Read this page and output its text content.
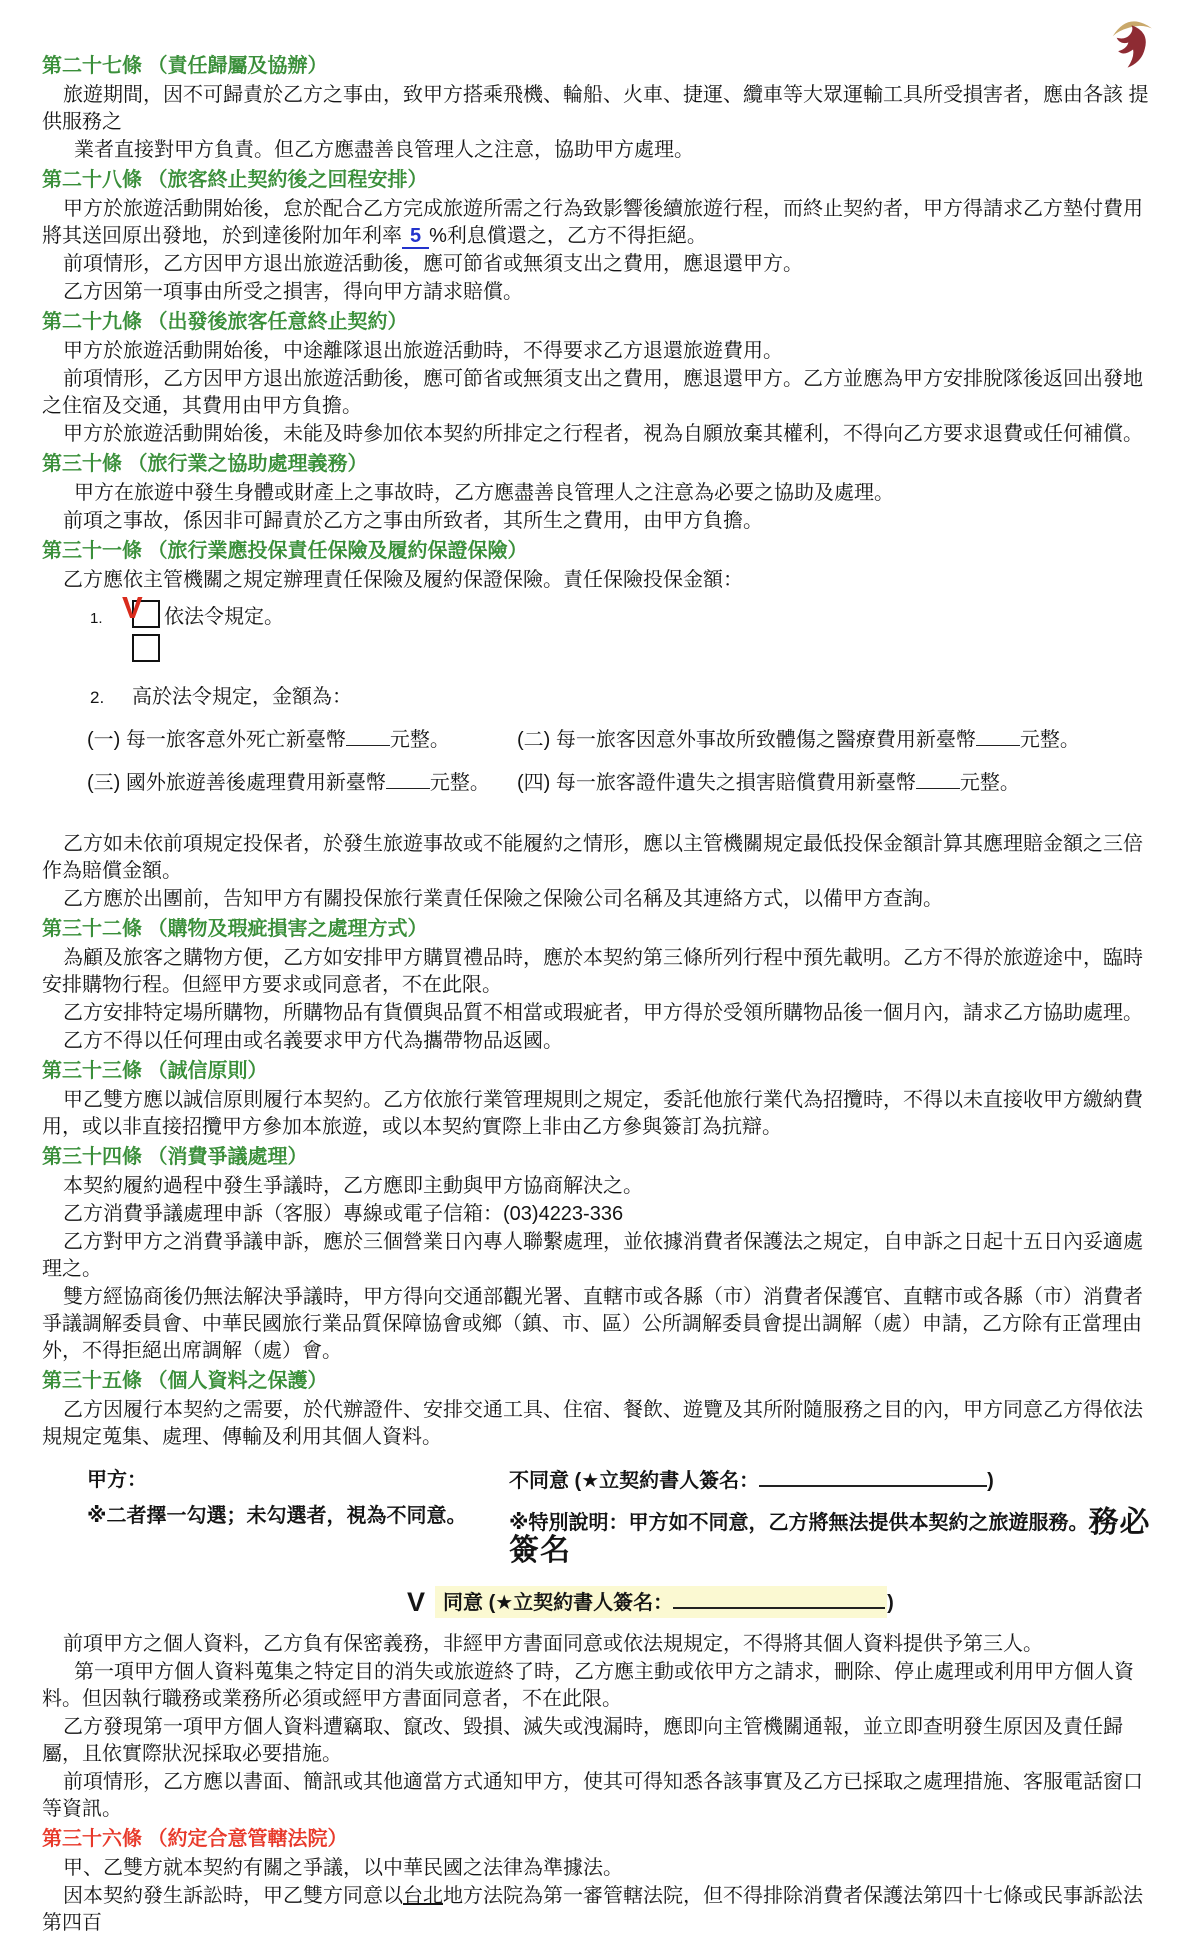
第二十七條 （責任歸屬及協辦）

旅遊期間，因不可歸責於乙方之事由，致甲方搭乘飛機、輪船、火車、捷運、纜車等大眾運輸工具所受損害者，應由各該 提供服務之

業者直接對甲方負責。但乙方應盡善良管理人之注意，協助甲方處理。

第二十八條 （旅客終止契約後之回程安排）

甲方於旅遊活動開始後，怠於配合乙方完成旅遊所需之行為致影響後續旅遊行程，而終止契約者，甲方得請求乙方墊付費用將其送回原出發地，於到達後附加年利率 5 %利息償還之，乙方不得拒絕。

前項情形，乙方因甲方退出旅遊活動後，應可節省或無須支出之費用，應退還甲方。

乙方因第一項事由所受之損害，得向甲方請求賠償。

第二十九條 （出發後旅客任意終止契約）

甲方於旅遊活動開始後，中途離隊退出旅遊活動時，不得要求乙方退還旅遊費用。

前項情形，乙方因甲方退出旅遊活動後，應可節省或無須支出之費用，應退還甲方。乙方並應為甲方安排脫隊後返回出發地之住宿及交通，其費用由甲方負擔。

甲方於旅遊活動開始後，未能及時參加依本契約所排定之行程者，視為自願放棄其權利，不得向乙方要求退費或任何補償。

第三十條 （旅行業之協助處理義務）

甲方在旅遊中發生身體或財產上之事故時，乙方應盡善良管理人之注意為必要之協助及處理。

前項之事故，係因非可歸責於乙方之事由所致者，其所生之費用，由甲方負擔。

第三十一條 （旅行業應投保責任保險及履約保證保險）

乙方應依主管機關之規定辦理責任保險及履約保證保險。責任保險投保金額：

1. V 依法令規定。
2. 高於法令規定，金額為：
(一) 每一旅客意外死亡新臺幣 元整。	(二) 每一旅客因意外事故所致體傷之醫療費用新臺幣 元整。
(三) 國外旅遊善後處理費用新臺幣 元整。	(四) 每一旅客證件遺失之損害賠償費用新臺幣 元整。

乙方如未依前項規定投保者，於發生旅遊事故或不能履約之情形，應以主管機關規定最低投保金額計算其應理賠金額之三倍作為賠償金額。

乙方應於出團前，告知甲方有關投保旅行業責任保險之保險公司名稱及其連絡方式，以備甲方查詢。

第三十二條 （購物及瑕疵損害之處理方式）

為顧及旅客之購物方便，乙方如安排甲方購買禮品時，應於本契約第三條所列行程中預先載明。乙方不得於旅遊途中，臨時安排購物行程。但經甲方要求或同意者，不在此限。

乙方安排特定場所購物，所購物品有貨價與品質不相當或瑕疵者，甲方得於受領所購物品後一個月內，請求乙方協助處理。

乙方不得以任何理由或名義要求甲方代為攜帶物品返國。

第三十三條 （誠信原則）

甲乙雙方應以誠信原則履行本契約。乙方依旅行業管理規則之規定，委託他旅行業代為招攬時，不得以未直接收甲方繳納費用，或以非直接招攬甲方參加本旅遊，或以本契約實際上非由乙方參與簽訂為抗辯。

第三十四條 （消費爭議處理）

本契約履約過程中發生爭議時，乙方應即主動與甲方協商解決之。

乙方消費爭議處理申訴（客服）專線或電子信箱：(03)4223-336

乙方對甲方之消費爭議申訴，應於三個營業日內專人聯繫處理，並依據消費者保護法之規定，自申訴之日起十五日內妥適處理之。

雙方經協商後仍無法解決爭議時，甲方得向交通部觀光署、直轄市或各縣（市）消費者保護官、直轄市或各縣（市）消費者爭議調解委員會、中華民國旅行業品質保障協會或鄉（鎮、市、區）公所調解委員會提出調解（處）申請，乙方除有正當理由外，不得拒絕出席調解（處）會。

第三十五條 （個人資料之保護）

乙方因履行本契約之需要，於代辦證件、安排交通工具、住宿、餐飲、遊覽及其所附隨服務之目的內，甲方同意乙方得依法規規定蒐集、處理、傳輸及利用其個人資料。

甲方：

※二者擇一勾選；未勾選者，視為不同意。

不同意 (★立契約書人簽名：	)

※特別說明：甲方如不同意，乙方將無法提供本契約之旅遊服務。務必簽名

V 同意 (★立契約書人簽名：	)

前項甲方之個人資料，乙方負有保密義務，非經甲方書面同意或依法規規定，不得將其個人資料提供予第三人。

第一項甲方個人資料蒐集之特定目的消失或旅遊終了時，乙方應主動或依甲方之請求，刪除、停止處理或利用甲方個人資料。但因執行職務或業務所必須或經甲方書面同意者，不在此限。

乙方發現第一項甲方個人資料遭竊取、竄改、毀損、滅失或洩漏時，應即向主管機關通報，並立即查明發生原因及責任歸屬，且依實際狀況採取必要措施。

前項情形，乙方應以書面、簡訊或其他適當方式通知甲方，使其可得知悉各該事實及乙方已採取之處理措施、客服電話窗口等資訊。

第三十六條 （約定合意管轄法院）

甲、乙雙方就本契約有關之爭議，以中華民國之法律為準據法。

因本契約發生訴訟時，甲乙雙方同意以台北地方法院為第一審管轄法院，但不得排除消費者保護法第四十七條或民事訴訟法第四百
